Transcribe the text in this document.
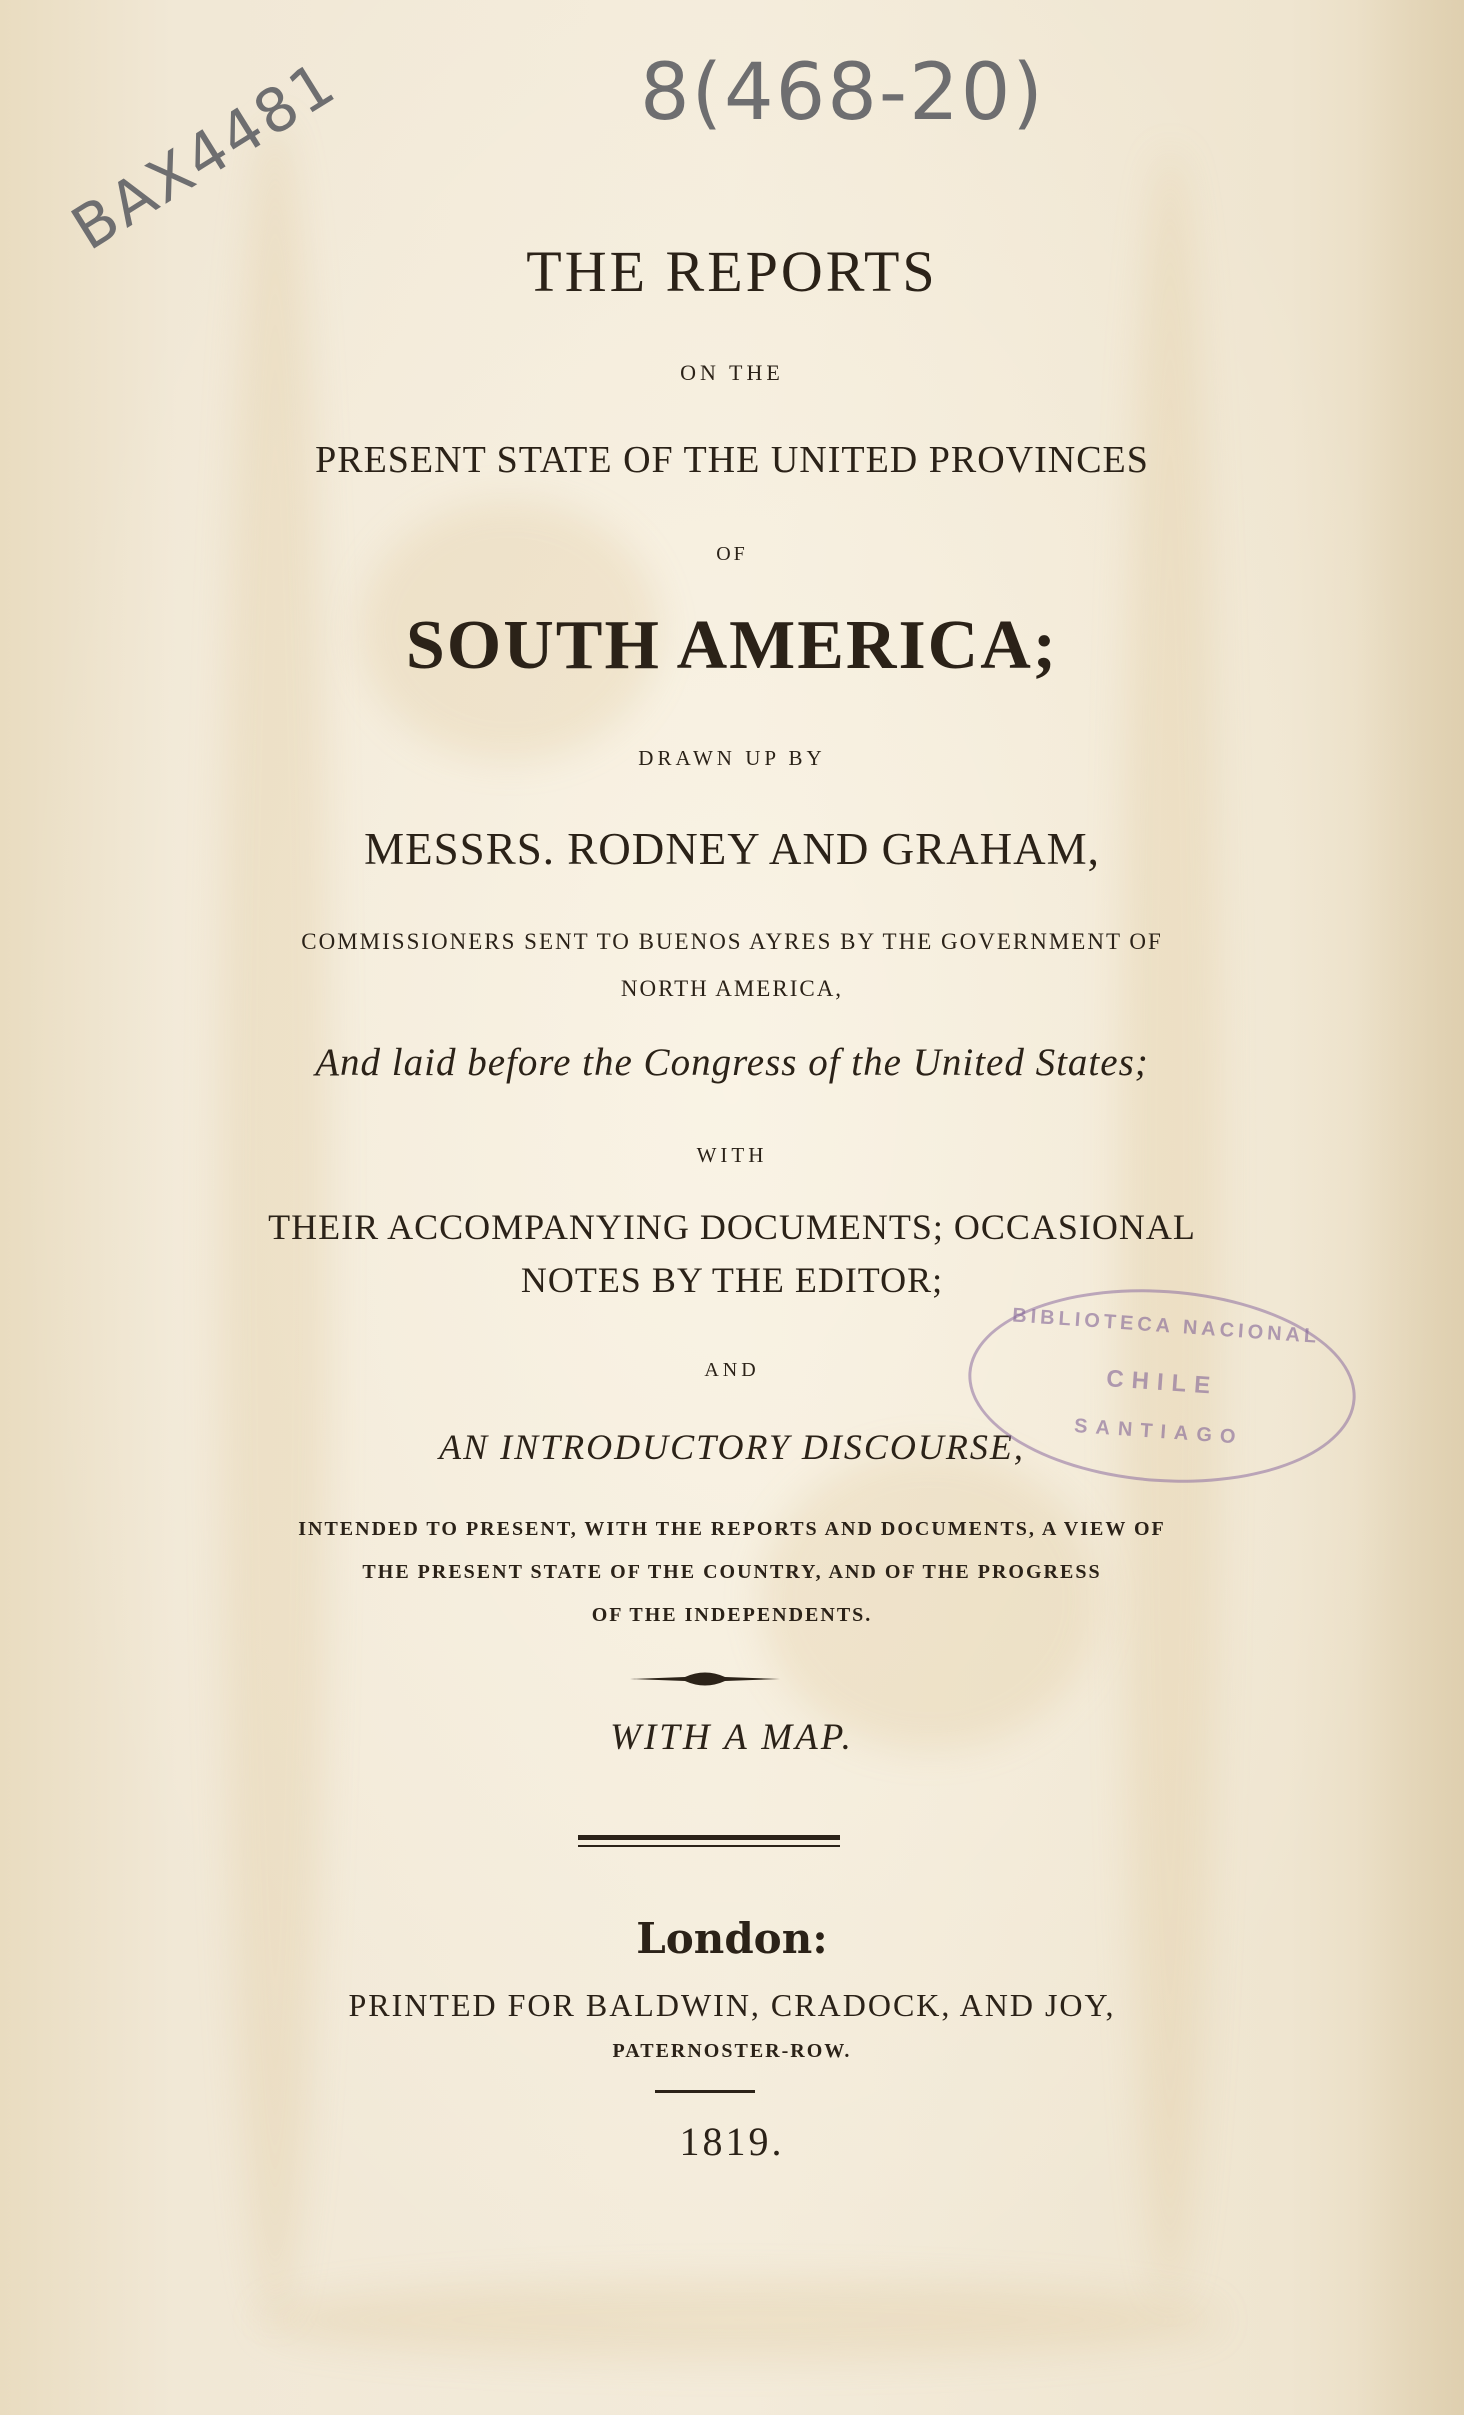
8(468-20)
BAX4481
THE REPORTS
ON THE
PRESENT STATE OF THE UNITED PROVINCES
OF
SOUTH AMERICA;
DRAWN UP BY
MESSRS. RODNEY AND GRAHAM,
COMMISSIONERS SENT TO BUENOS AYRES BY THE GOVERNMENT OF
NORTH AMERICA,
And laid before the Congress of the United States;
WITH
THEIR ACCOMPANYING DOCUMENTS; OCCASIONAL
NOTES BY THE EDITOR;
AND
AN INTRODUCTORY DISCOURSE,
INTENDED TO PRESENT, WITH THE REPORTS AND DOCUMENTS, A VIEW OF
THE PRESENT STATE OF THE COUNTRY, AND OF THE PROGRESS
OF THE INDEPENDENTS.
WITH A MAP.
London:
PRINTED FOR BALDWIN, CRADOCK, AND JOY,
PATERNOSTER-ROW.
1819.
BIBLIOTECA NACIONAL
CHILE
SANTIAGO
